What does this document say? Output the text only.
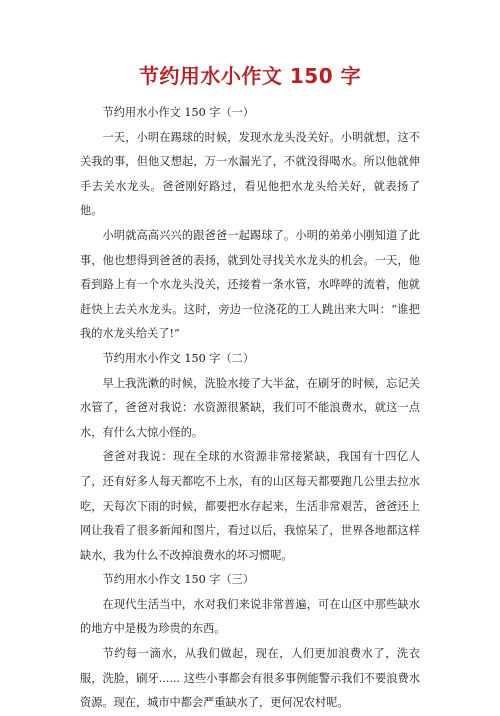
节约用水小作文 150 字

节约用水小作文 150 字（一）

一天，小明在踢球的时候，发现水龙头没关好。小明就想，这不关我的事，但他又想起，万一水漏光了，不就没得喝水。所以他就伸手去关水龙头。爸爸刚好路过，看见他把水龙头给关好，就表扬了他。

小明就高高兴兴的跟爸爸一起踢球了。小明的弟弟小刚知道了此事，他也想得到爸爸的表扬，就到处寻找关水龙头的机会。一天，他看到路上有一个水龙头没关，还接着一条水管，水哗哗的流着，他就赶快上去关水龙头。这时，旁边一位浇花的工人跳出来大叫：“谁把我的水龙头给关了!”

节约用水小作文 150 字（二）

早上我洗漱的时候，洗脸水接了大半盆，在刷牙的时候，忘记关水管了，爸爸对我说：水资源很紧缺，我们可不能浪费水，就这一点水，有什么大惊小怪的。

爸爸对我说：现在全球的水资源非常接紧缺，我国有十四亿人了，还有好多人每天都吃不上水，有的山区每天都要跑几公里去拉水吃，天每次下雨的时候，都要把水存起来，生活非常艰苦，爸爸还上网让我看了很多新闻和图片，看过以后，我惊呆了，世界各地都这样缺水，我为什么不改掉浪费水的坏习惯呢。

节约用水小作文 150 字（三）

在现代生活当中，水对我们来说非常普遍，可在山区中那些缺水的地方中是极为珍贵的东西。

节约每一滴水，从我们做起，现在，人们更加浪费水了，洗衣服，洗脸，刷牙...... 这些小事都会有很多事例能警示我们不要浪费水资源。现在，城市中都会严重缺水了，更何况农村呢。
